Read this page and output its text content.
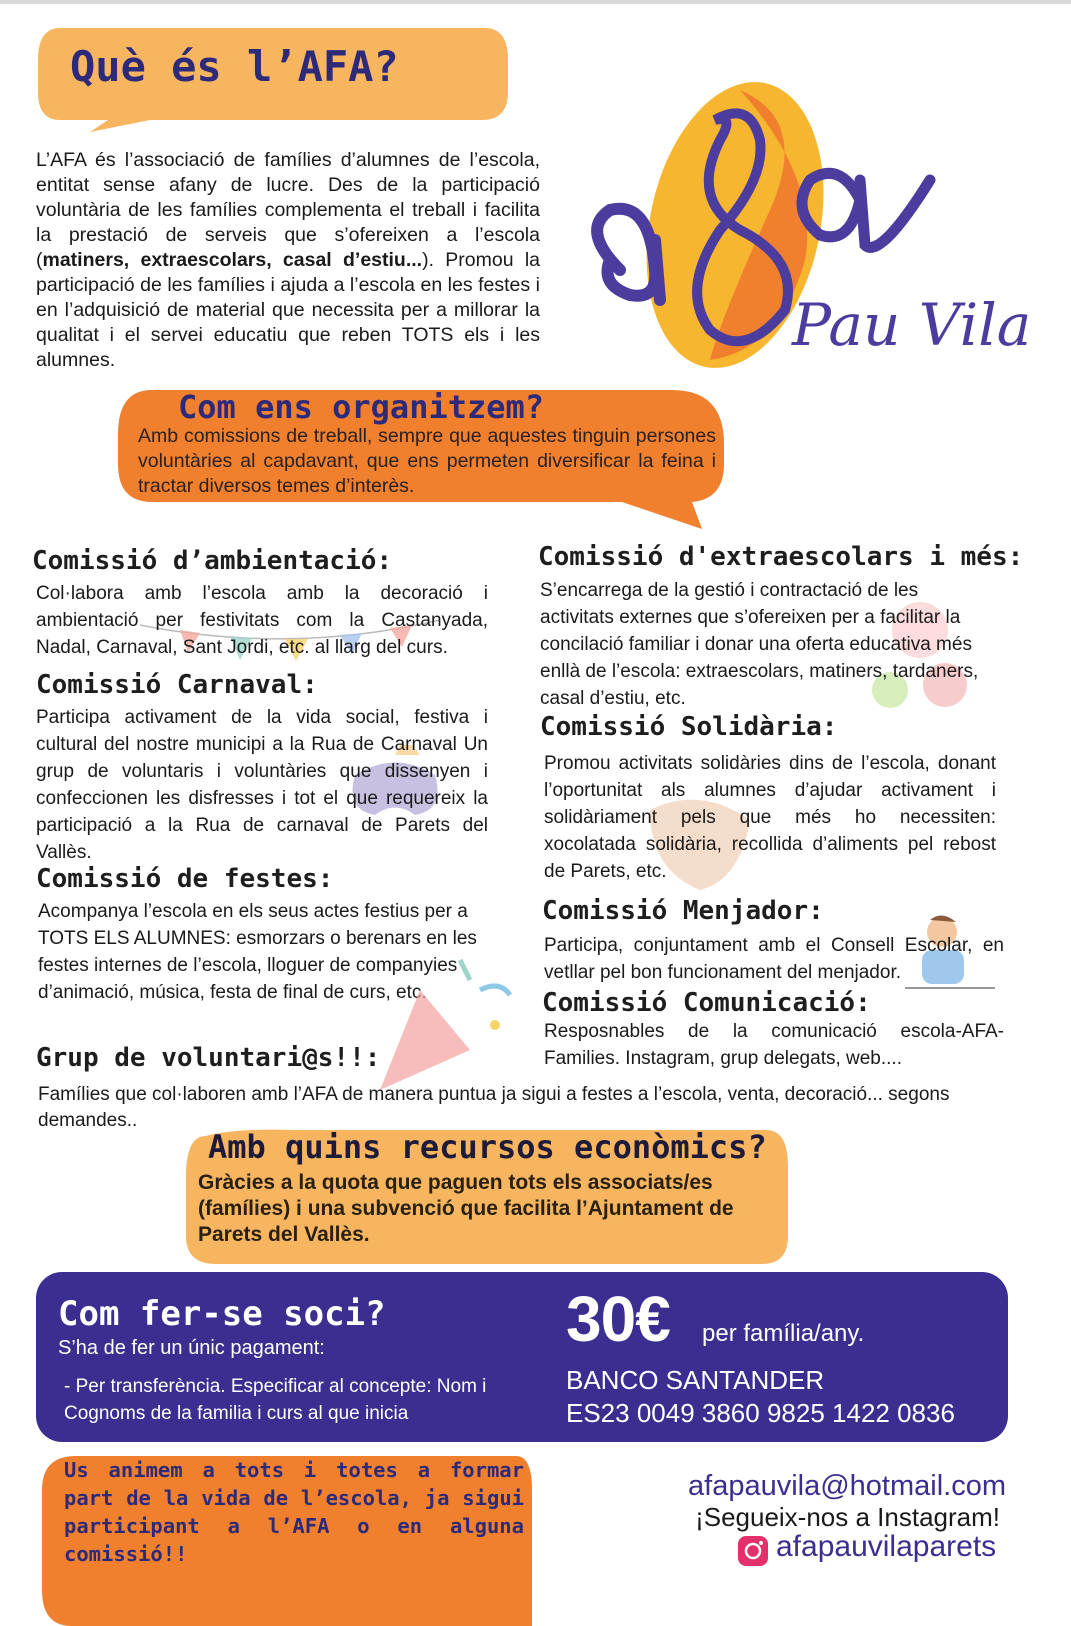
Què és l’AFA?
L’AFA és l’associació de famílies d’alumnes de l’escola, entitat sense afany de lucre. Des de la participació voluntària de les famílies complementa el treball i facilita la prestació de serveis que s’ofereixen a l’escola (matiners, extraescolars, casal d’estiu...). Promou la participació de les famílies i ajuda a l’escola en les festes i en l’adquisició de material que necessita per a millorar la qualitat i el servei educatiu que reben TOTS els i les alumnes.
Pau Vila
Com ens organitzem?
Amb comissions de treball, sempre que aquestes tinguin persones voluntàries al capdavant, que ens permeten diversificar la feina i tractar diversos temes d’interès.
Comissió d’ambientació:
Col·labora amb l’escola amb la decoració i ambientació per festivitats com la Castanyada, Nadal, Carnaval, Sant Jordi, etc. al llarg del curs.
Comissió Carnaval:
Participa activament de la vida social, festiva i cultural del nostre municipi a la Rua de Carnaval Un grup de voluntaris i voluntàries que dissenyen i confeccionen les disfresses i tot el que requereix la participació a la Rua de carnaval de Parets del Vallès.
Comissió de festes:
Acompanya l’escola en els seus actes festius per a TOTS ELS ALUMNES: esmorzars o berenars en les festes internes de l’escola, lloguer de companyies d’animació, música, festa de final de curs, etc.
Comissió d'extraescolars i més:
S’encarrega de la gestió i contractació de les activitats externes que s’ofereixen per a facilitar la concilació familiar i donar una oferta educativa més enllà de l’escola: extraescolars, matiners, tardaners, casal d’estiu, etc.
Comissió Solidària:
Promou activitats solidàries dins de l’escola, donant l’oportunitat als alumnes d’ajudar activament i solidàriament pels que més ho necessiten: xocolatada solidària, recollida d’aliments pel rebost de Parets, etc.
Comissió Menjador:
Participa, conjuntament amb el Consell Escolar, en vetllar pel bon funcionament del menjador.
Comissió Comunicació:
Resposnables de la comunicació escola-AFA-Families. Instagram, grup delegats, web....
Grup de voluntari@s!!:
Famílies que col·laboren amb l’AFA de manera puntua ja sigui a festes a l’escola, venta, decoració... segons demandes..
Amb quins recursos econòmics?
Gràcies a la quota que paguen tots els associats/es (famílies) i una subvenció que facilita l’Ajuntament de Parets del Vallès.
Com fer-se soci?
S’ha de fer un únic pagament:
- Per transferència. Especificar al concepte: Nom i Cognoms de la familia i curs al que inicia
30€ per família/any.
BANCO SANTANDER
ES23 0049 3860 9825 1422 0836
Us animem a tots i totes a formar part de la vida de l’escola, ja sigui participant a l’AFA o en alguna comissió!!
afapauvila@hotmail.com
¡Segueix-nos a Instagram!
afapauvilaparets
